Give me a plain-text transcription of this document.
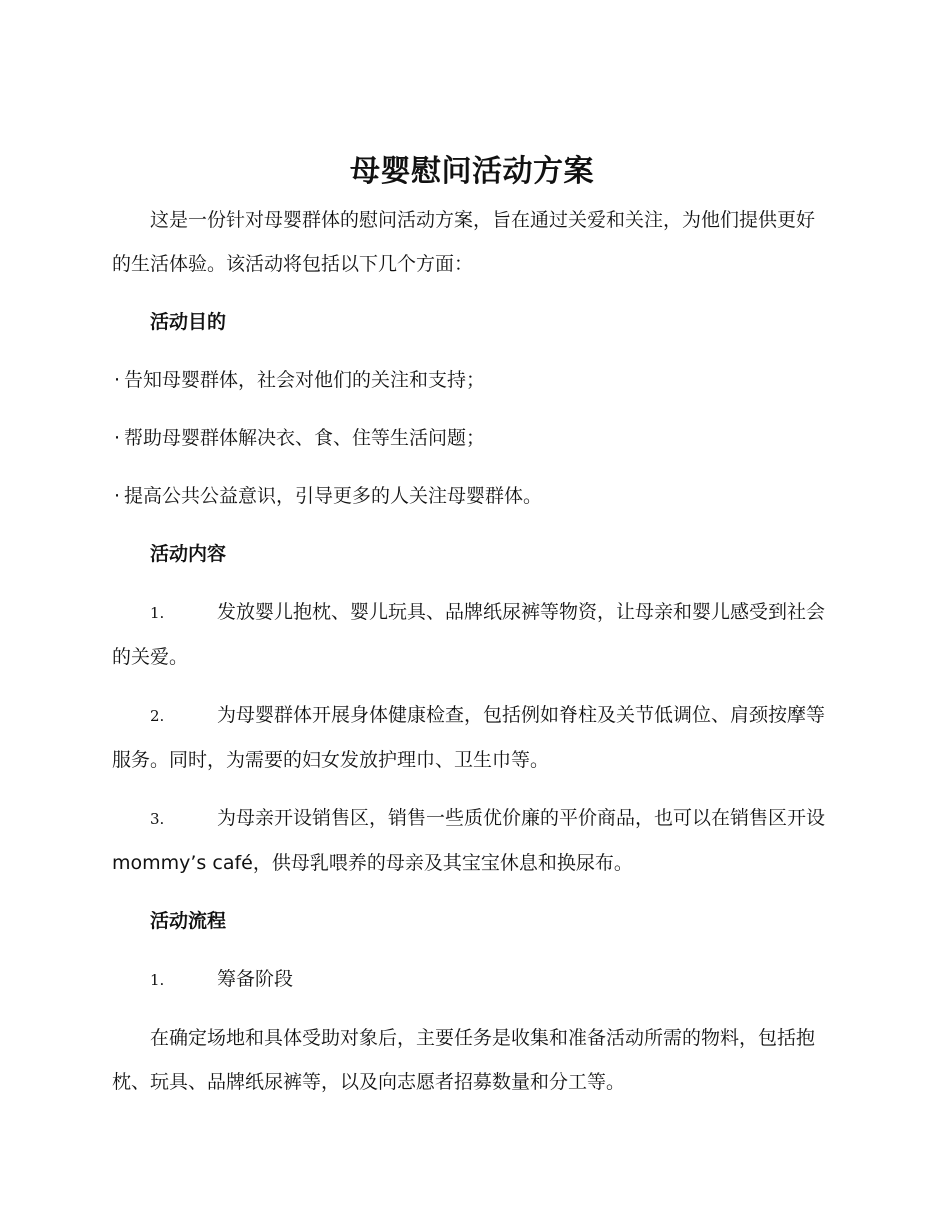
母婴慰问活动方案

这是一份针对母婴群体的慰问活动方案，旨在通过关爱和关注，为他们提供更好的生活体验。该活动将包括以下几个方面：

活动目的

· 告知母婴群体，社会对他们的关注和支持；
· 帮助母婴群体解决衣、食、住等生活问题；
· 提高公共公益意识，引导更多的人关注母婴群体。

活动内容

1.	发放婴儿抱枕、婴儿玩具、品牌纸尿裤等物资，让母亲和婴儿感受到社会的关爱。

2.	为母婴群体开展身体健康检查，包括例如脊柱及关节低调位、肩颈按摩等服务。同时，为需要的妇女发放护理巾、卫生巾等。

3.	为母亲开设销售区，销售一些质优价廉的平价商品，也可以在销售区开设 mommy’s café，供母乳喂养的母亲及其宝宝休息和换尿布。

活动流程

1.	筹备阶段

在确定场地和具体受助对象后，主要任务是收集和准备活动所需的物料，包括抱枕、玩具、品牌纸尿裤等，以及向志愿者招募数量和分工等。
